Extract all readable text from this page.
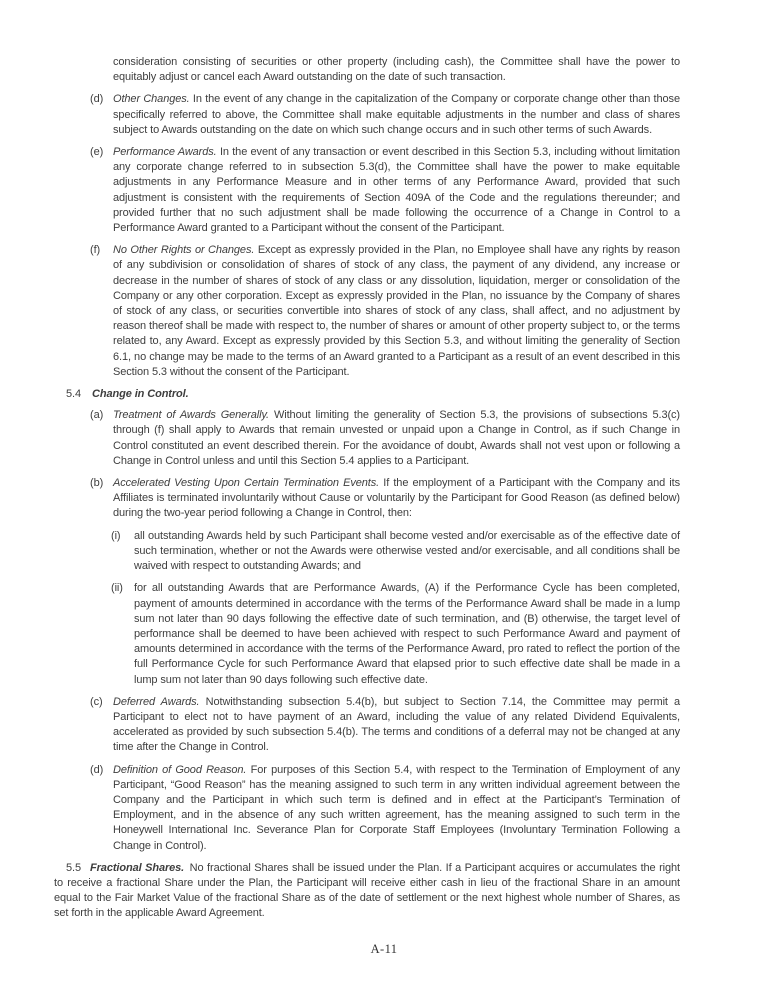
consideration consisting of securities or other property (including cash), the Committee shall have the power to equitably adjust or cancel each Award outstanding on the date of such transaction.

(d) Other Changes. In the event of any change in the capitalization of the Company or corporate change other than those specifically referred to above, the Committee shall make equitable adjustments in the number and class of shares subject to Awards outstanding on the date on which such change occurs and in such other terms of such Awards.

(e) Performance Awards. In the event of any transaction or event described in this Section 5.3, including without limitation any corporate change referred to in subsection 5.3(d), the Committee shall have the power to make equitable adjustments in any Performance Measure and in other terms of any Performance Award, provided that such adjustment is consistent with the requirements of Section 409A of the Code and the regulations thereunder; and provided further that no such adjustment shall be made following the occurrence of a Change in Control to a Performance Award granted to a Participant without the consent of the Participant.

(f) No Other Rights or Changes. Except as expressly provided in the Plan, no Employee shall have any rights by reason of any subdivision or consolidation of shares of stock of any class, the payment of any dividend, any increase or decrease in the number of shares of stock of any class or any dissolution, liquidation, merger or consolidation of the Company or any other corporation. Except as expressly provided in the Plan, no issuance by the Company of shares of stock of any class, or securities convertible into shares of stock of any class, shall affect, and no adjustment by reason thereof shall be made with respect to, the number of shares or amount of other property subject to, or the terms related to, any Award. Except as expressly provided by this Section 5.3, and without limiting the generality of Section 6.1, no change may be made to the terms of an Award granted to a Participant as a result of an event described in this Section 5.3 without the consent of the Participant.

5.4 Change in Control.

(a) Treatment of Awards Generally. Without limiting the generality of Section 5.3, the provisions of subsections 5.3(c) through (f) shall apply to Awards that remain unvested or unpaid upon a Change in Control, as if such Change in Control constituted an event described therein. For the avoidance of doubt, Awards shall not vest upon or following a Change in Control unless and until this Section 5.4 applies to a Participant.

(b) Accelerated Vesting Upon Certain Termination Events. If the employment of a Participant with the Company and its Affiliates is terminated involuntarily without Cause or voluntarily by the Participant for Good Reason (as defined below) during the two-year period following a Change in Control, then:

(i) all outstanding Awards held by such Participant shall become vested and/or exercisable as of the effective date of such termination, whether or not the Awards were otherwise vested and/or exercisable, and all conditions shall be waived with respect to outstanding Awards; and

(ii) for all outstanding Awards that are Performance Awards, (A) if the Performance Cycle has been completed, payment of amounts determined in accordance with the terms of the Performance Award shall be made in a lump sum not later than 90 days following the effective date of such termination, and (B) otherwise, the target level of performance shall be deemed to have been achieved with respect to such Performance Award and payment of amounts determined in accordance with the terms of the Performance Award, pro rated to reflect the portion of the full Performance Cycle for such Performance Award that elapsed prior to such effective date shall be made in a lump sum not later than 90 days following such effective date.

(c) Deferred Awards. Notwithstanding subsection 5.4(b), but subject to Section 7.14, the Committee may permit a Participant to elect not to have payment of an Award, including the value of any related Dividend Equivalents, accelerated as provided by such subsection 5.4(b). The terms and conditions of a deferral may not be changed at any time after the Change in Control.

(d) Definition of Good Reason. For purposes of this Section 5.4, with respect to the Termination of Employment of any Participant, “Good Reason” has the meaning assigned to such term in any written individual agreement between the Company and the Participant in which such term is defined and in effect at the Participant’s Termination of Employment, and in the absence of any such written agreement, has the meaning assigned to such term in the Honeywell International Inc. Severance Plan for Corporate Staff Employees (Involuntary Termination Following a Change in Control).

5.5 Fractional Shares. No fractional Shares shall be issued under the Plan. If a Participant acquires or accumulates the right to receive a fractional Share under the Plan, the Participant will receive either cash in lieu of the fractional Share in an amount equal to the Fair Market Value of the fractional Share as of the date of settlement or the next highest whole number of Shares, as set forth in the applicable Award Agreement.

A-11
